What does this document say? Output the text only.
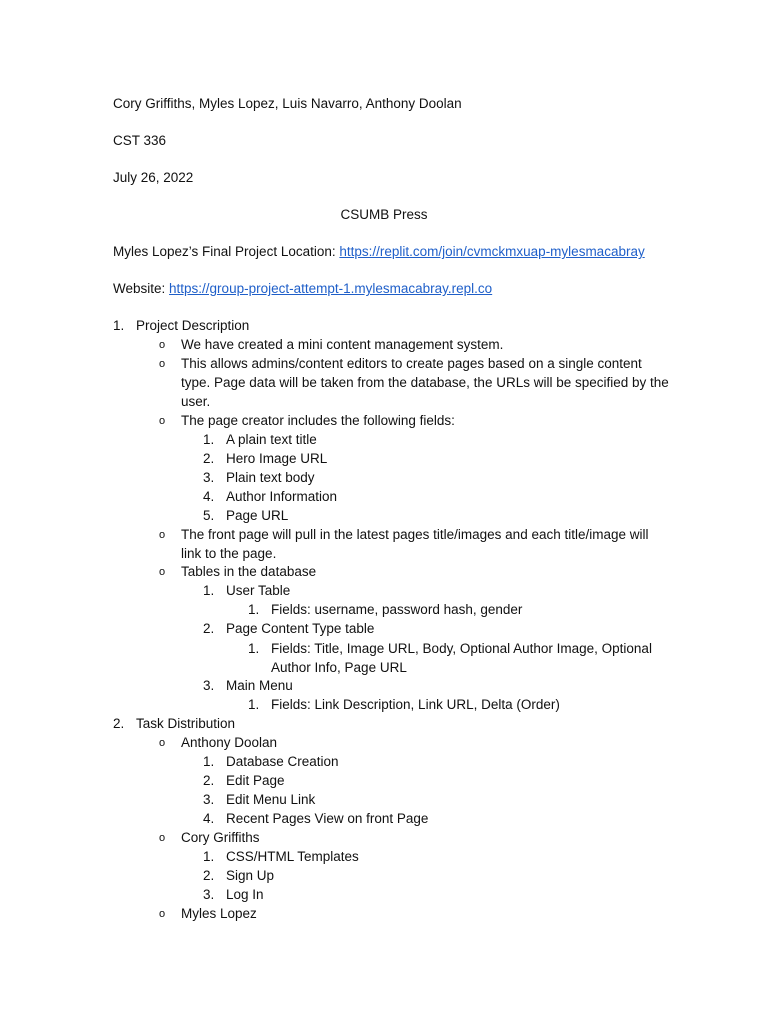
Cory Griffiths, Myles Lopez, Luis Navarro, Anthony Doolan
CST 336
July 26, 2022
CSUMB Press
Myles Lopez’s Final Project Location: https://replit.com/join/cvmckmxuap-mylesmacabray
Website: https://group-project-attempt-1.mylesmacabray.repl.co
1. Project Description
o We have created a mini content management system.
o This allows admins/content editors to create pages based on a single content
type. Page data will be taken from the database, the URLs will be specified by the
user.
o The page creator includes the following fields:
1. A plain text title
2. Hero Image URL
3. Plain text body
4. Author Information
5. Page URL
o The front page will pull in the latest pages title/images and each title/image will
link to the page.
o Tables in the database
1. User Table
1. Fields: username, password hash, gender
2. Page Content Type table
1. Fields: Title, Image URL, Body, Optional Author Image, Optional
Author Info, Page URL
3. Main Menu
1. Fields: Link Description, Link URL, Delta (Order)
2. Task Distribution
o Anthony Doolan
1. Database Creation
2. Edit Page
3. Edit Menu Link
4. Recent Pages View on front Page
o Cory Griffiths
1. CSS/HTML Templates
2. Sign Up
3. Log In
o Myles Lopez
